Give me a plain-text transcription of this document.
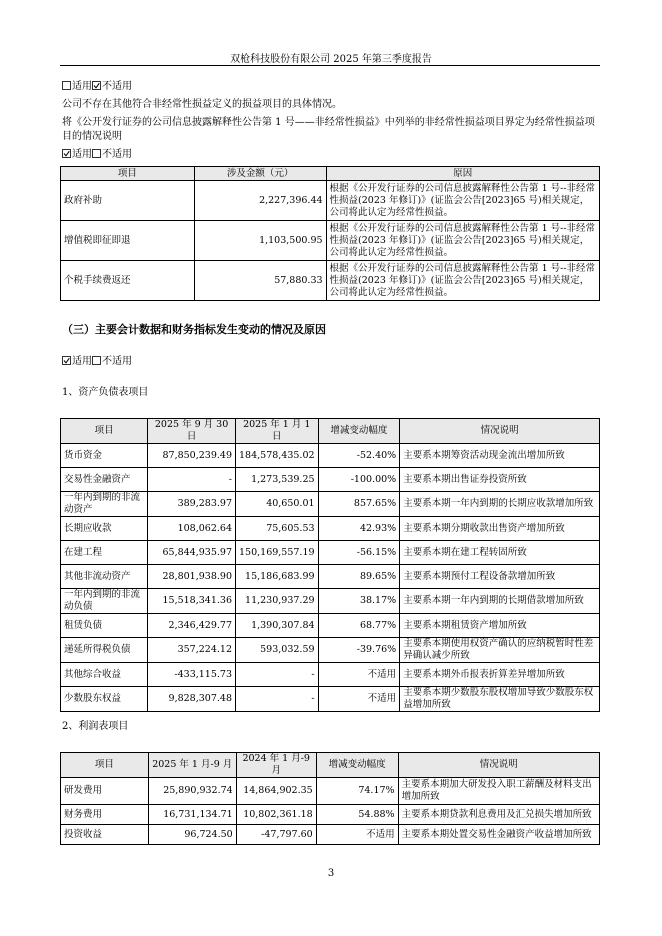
双枪科技股份有限公司 2025 年第三季度报告
适用 不适用
公司不存在其他符合非经常性损益定义的损益项目的具体情况。
将《公开发行证券的公司信息披露解释性公告第 1 号——非经常性损益》中列举的非经常性损益项目界定为经常性损益项目的情况说明
适用 不适用
项目	涉及金额（元）	原因
政府补助	2,227,396.44	根据《公开发行证券的公司信息披露解释性公告第 1 号--非经常性损益(2023 年修订)》(证监会公告[2023]65 号)相关规定，公司将此认定为经常性损益。
增值税即征即退	1,103,500.95	根据《公开发行证券的公司信息披露解释性公告第 1 号--非经常性损益(2023 年修订)》(证监会公告[2023]65 号)相关规定，公司将此认定为经常性损益。
个税手续费返还	57,880.33	根据《公开发行证券的公司信息披露解释性公告第 1 号--非经常性损益(2023 年修订)》(证监会公告[2023]65 号)相关规定，公司将此认定为经常性损益。
（三）主要会计数据和财务指标发生变动的情况及原因
适用 不适用
1、资产负债表项目
项目	2025 年 9 月 30 日	2025 年 1 月 1 日	增减变动幅度	情况说明
货币资金	87,850,239.49	184,578,435.02	-52.40%	主要系本期筹资活动现金流出增加所致
交易性金融资产	-	1,273,539.25	-100.00%	主要系本期出售证券投资所致
一年内到期的非流动资产	389,283.97	40,650.01	857.65%	主要系本期一年内到期的长期应收款增加所致
长期应收款	108,062.64	75,605.53	42.93%	主要系本期分期收款出售资产增加所致
在建工程	65,844,935.97	150,169,557.19	-56.15%	主要系本期在建工程转固所致
其他非流动资产	28,801,938.90	15,186,683.99	89.65%	主要系本期预付工程设备款增加所致
一年内到期的非流动负债	15,518,341.36	11,230,937.29	38.17%	主要系本期一年内到期的长期借款增加所致
租赁负债	2,346,429.77	1,390,307.84	68.77%	主要系本期租赁资产增加所致
递延所得税负债	357,224.12	593,032.59	-39.76%	主要系本期使用权资产确认的应纳税暂时性差异确认减少所致
其他综合收益	-433,115.73	-	不适用	主要系本期外币报表折算差异增加所致
少数股东权益	9,828,307.48	-	不适用	主要系本期少数股东股权增加导致少数股东权益增加所致
2、利润表项目
项目	2025 年 1 月-9 月	2024 年 1 月-9 月	增减变动幅度	情况说明
研发费用	25,890,932.74	14,864,902.35	74.17%	主要系本期加大研发投入职工薪酬及材料支出增加所致
财务费用	16,731,134.71	10,802,361.18	54.88%	主要系本期贷款利息费用及汇兑损失增加所致
投资收益	96,724.50	-47,797.60	不适用	主要系本期处置交易性金融资产收益增加所致
3
